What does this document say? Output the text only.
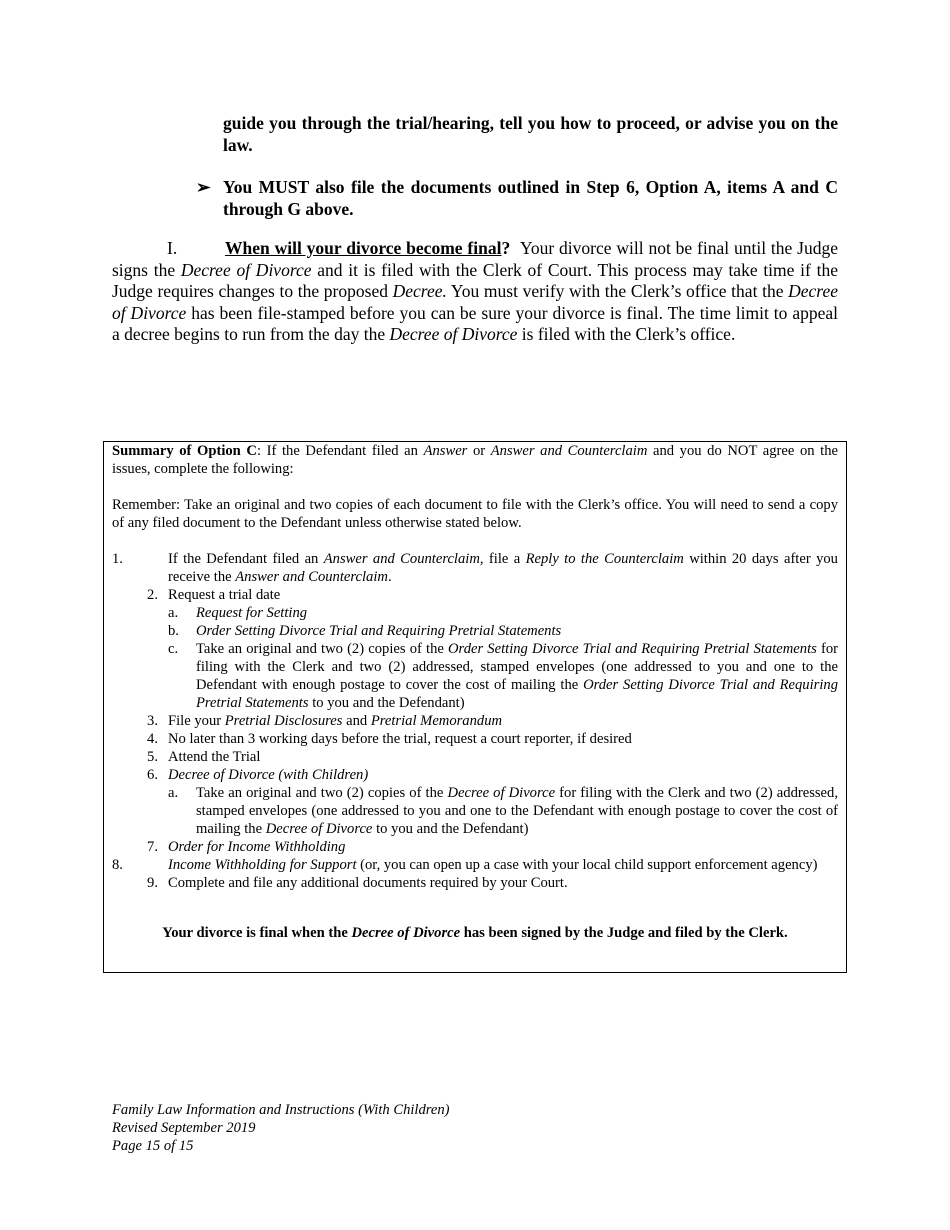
guide you through the trial/hearing, tell you how to proceed, or advise you on the law.
➢ You MUST also file the documents outlined in Step 6, Option A, items A and C through G above.
I.	When will your divorce become final? Your divorce will not be final until the Judge signs the Decree of Divorce and it is filed with the Clerk of Court. This process may take time if the Judge requires changes to the proposed Decree. You must verify with the Clerk’s office that the Decree of Divorce has been file-stamped before you can be sure your divorce is final. The time limit to appeal a decree begins to run from the day the Decree of Divorce is filed with the Clerk’s office.
Summary of Option C: If the Defendant filed an Answer or Answer and Counterclaim and you do NOT agree on the issues, complete the following:
Remember: Take an original and two copies of each document to file with the Clerk’s office. You will need to send a copy of any filed document to the Defendant unless otherwise stated below.
1.	If the Defendant filed an Answer and Counterclaim, file a Reply to the Counterclaim within 20 days after you receive the Answer and Counterclaim.
2. Request a trial date
a. Request for Setting
b. Order Setting Divorce Trial and Requiring Pretrial Statements
c. Take an original and two (2) copies of the Order Setting Divorce Trial and Requiring Pretrial Statements for filing with the Clerk and two (2) addressed, stamped envelopes (one addressed to you and one to the Defendant with enough postage to cover the cost of mailing the Order Setting Divorce Trial and Requiring Pretrial Statements to you and the Defendant)
3. File your Pretrial Disclosures and Pretrial Memorandum
4. No later than 3 working days before the trial, request a court reporter, if desired
5. Attend the Trial
6. Decree of Divorce (with Children)
a. Take an original and two (2) copies of the Decree of Divorce for filing with the Clerk and two (2) addressed, stamped envelopes (one addressed to you and one to the Defendant with enough postage to cover the cost of mailing the Decree of Divorce to you and the Defendant)
7. Order for Income Withholding
8.	Income Withholding for Support (or, you can open up a case with your local child support enforcement agency)
9. Complete and file any additional documents required by your Court.
Your divorce is final when the Decree of Divorce has been signed by the Judge and filed by the Clerk.
Family Law Information and Instructions (With Children)
Revised September 2019
Page 15 of 15
